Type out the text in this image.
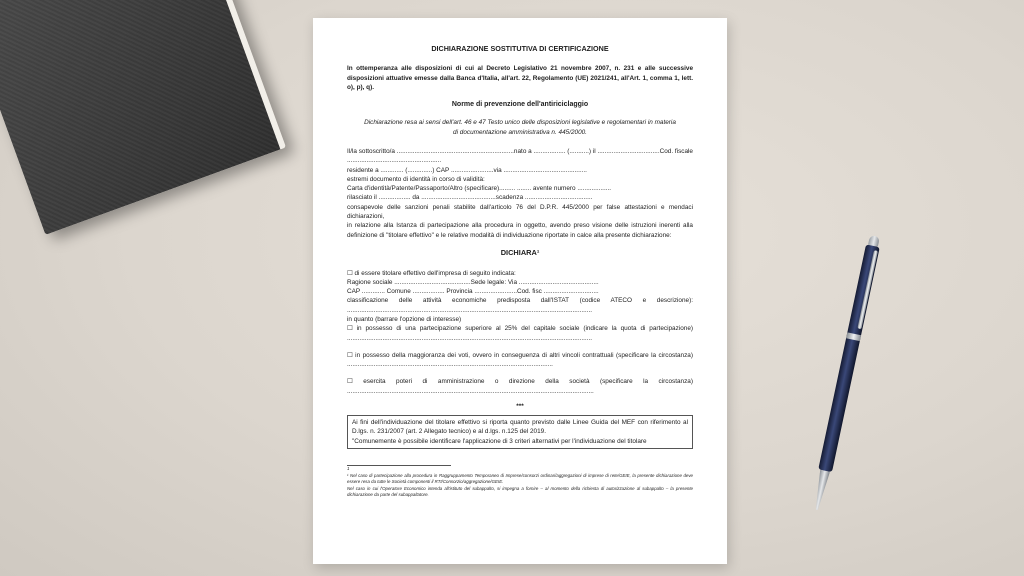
DICHIARAZIONE SOSTITUTIVA DI CERTIFICAZIONE
In ottemperanza alle disposizioni di cui al Decreto Legislativo 21 novembre 2007, n. 231 e alle successive disposizioni attuative emesse dalla Banca d'Italia, all'art. 22, Regolamento (UE) 2021/241, all'Art. 1, comma 1, lett. o), p), q).
Norme di prevenzione dell'antiriciclaggio
Dichiarazione resa ai sensi dell'art. 46 e 47 Testo unico delle disposizioni legislative e regolamentari in materia di documentazione amministrativa n. 445/2000.

Il/la sottoscritto/a ..................................................................nato a .................. (...........) il ...................................Cod. fiscale .....................................................

residente a ............. (..............) CAP ........................via ...............................................

estremi documento di identità in corso di validità:

Carta d'identità/Patente/Passaporto/Altro (specificare)......... ........ avente numero ...................

rilasciato il .................. da ..........................................scadenza ......................................

consapevole delle sanzioni penali stabilite dall'articolo 76 del D.P.R. 445/2000 per false attestazioni e mendaci dichiarazioni,

in relazione alla Istanza di partecipazione alla procedura in oggetto, avendo preso visione delle istruzioni inerenti alla definizione di "titolare effettivo" e le relative modalità di individuazione riportate in calce alla presente dichiarazione:

DICHIARA¹

☐ di essere titolare effettivo dell'impresa di seguito indicata:

Ragione sociale ...........................................Sede legale: Via .............................................

CAP ............. Comune .................. Provincia ........................Cod. fisc ...............................

classificazione delle attività economiche predisposta dall'ISTAT (codice ATECO e descrizione): ..........................................................................................................................................

in quanto (barrare l'opzione di interesse)

☐ in possesso di una partecipazione superiore al 25% del capitale sociale (indicare la quota di partecipazione) ..........................................................................................................................................

☐ in possesso della maggioranza dei voti, ovvero in conseguenza di altri vincoli contrattuali (specificare la circostanza) ....................................................................................................................

☐ esercita poteri di amministrazione o direzione della società (specificare la circostanza) ...........................................................................................................................................

***

Ai fini dell'individuazione del titolare effettivo si riporta quanto previsto dalle Linee Guida del MEF con riferimento al D.lgs. n. 231/2007 (art. 2 Allegato tecnico) e al d.lgs. n.125 del 2019.

"Comunemente è possibile identificare l'applicazione di 3 criteri alternativi per l'individuazione del titolare

1
¹ Nel caso di partecipazione alla procedura in Raggruppamento Temporaneo di Imprese/consorzi ordinari/aggregazioni di imprese di rete/GEIE, la presente dichiarazione deve essere resa da tutte le Società componenti il RTI/Consorzio/aggregazione/GEIE.
Nel caso in cui l'Operatore Economico intenda all'istituto del subappalto, si impegna a fornire – al momento della richiesta di autorizzazione al subappalto – la presente dichiarazione da parte del subappaltatore.
